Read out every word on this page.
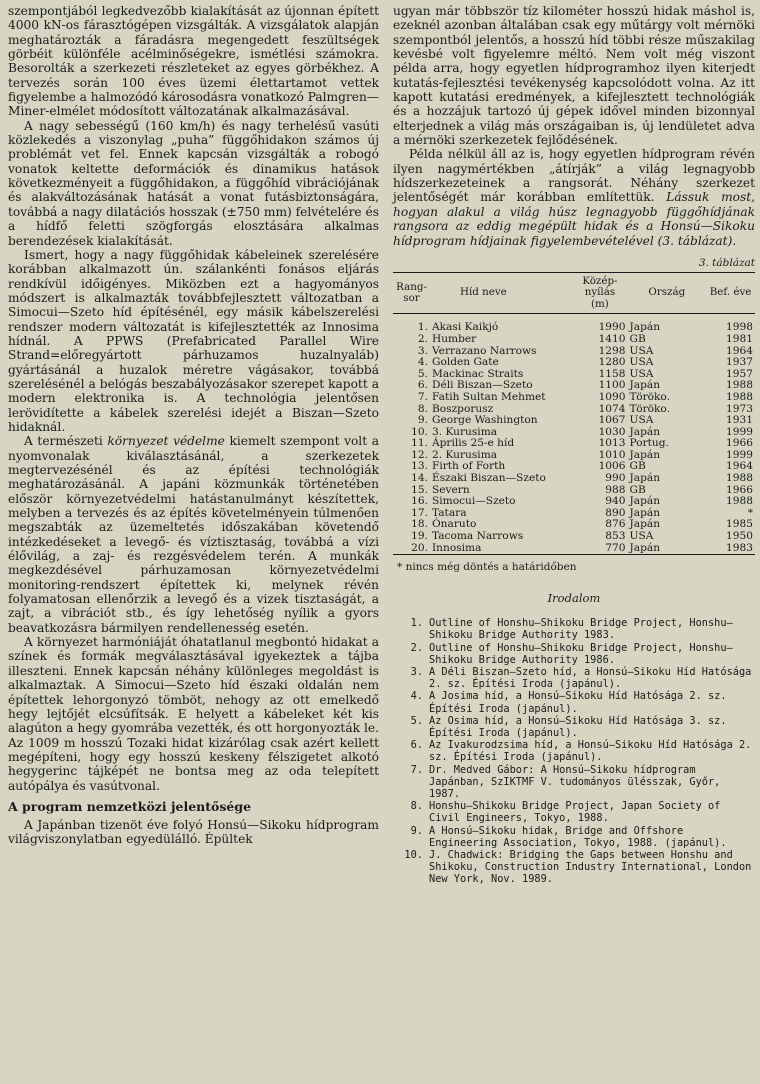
szempontjából legkedvezőbb kialakítását az újonnan épített 4000 kN-os fárasztógépen vizsgálták. A vizsgálatok alapján meghatározták a fáradásra megengedett feszültségek görbéit különféle acélminőségekre, ismétlési számokra. Besorolták a szerkezeti részleteket az egyes görbékhez. A tervezés során 100 éves üzemi élettartamot vettek figyelembe a halmozódó károsodásra vonatkozó Palmgren—Miner-elmélet módosított változatának alkalmazásával.

A nagy sebességű (160 km/h) és nagy terhelésű vasúti közlekedés a viszonylag „puha” függőhidakon számos új problémát vet fel. Ennek kapcsán vizsgálták a robogó vonatok keltette deformációk és dinamikus hatások következményeit a függőhidakon, a függőhíd vibrációjának és alakváltozásának hatását a vonat futásbiztonságára, továbbá a nagy dilatációs hosszak (±750 mm) felvételére és a hídfő feletti szögforgás elosztására alkalmas berendezések kialakítását.

Ismert, hogy a nagy függőhidak kábeleinek szerelésére korábban alkalmazott ún. szálankénti fonásos eljárás rendkívül időigényes. Miközben ezt a hagyományos módszert is alkalmazták továbbfejlesztett változatban a Simocui—Szeto híd építésénél, egy másik kábelszerelési rendszer modern változatát is kifejlesztették az Innosima hídnál. A PPWS (Prefabricated Parallel Wire Strand=előregyártott párhuzamos huzalnyaláb) gyártásánál a huzalok méretre vágásakor, továbbá szerelésénél a belógás beszabályozásakor szerepet kapott a modern elektronika is. A technológia jelentősen lerövidítette a kábelek szerelési idejét a Biszan—Szeto hidaknál.

A természeti környezet védelme kiemelt szempont volt a nyomvonalak kiválasztásánál, a szerkezetek megtervezésénél és az építési technológiák meghatározásánál. A japáni közmunkák történetében először környezetvédelmi hatástanulmányt készítettek, melyben a tervezés és az építés követelményein túlmenően megszabták az üzemeltetés időszakában követendő intézkedéseket a levegő- és víztisztaság, továbbá a vízi élővilág, a zaj- és rezgésvédelem terén. A munkák megkezdésével párhuzamosan környezetvédelmi monitoring-rendszert építettek ki, melynek révén folyamatosan ellenőrzik a levegő és a vizek tisztaságát, a zajt, a vibrációt stb., és így lehetőség nyílik a gyors beavatkozásra bármilyen rendellenesség esetén.

A környezet harmóniáját óhatatlanul megbontó hidakat a színek és formák megválasztásával igyekeztek a tájba illeszteni. Ennek kapcsán néhány különleges megoldást is alkalmaztak. A Simocui—Szeto híd északi oldalán nem építettek lehorgonyzó tömböt, nehogy az ott emelkedő hegy lejtőjét elcsúfítsák. E helyett a kábeleket két kis alagúton a hegy gyomrába vezették, és ott horgonyozták le. Az 1009 m hosszú Tozaki hidat kizárólag csak azért kellett megépíteni, hogy egy hosszú keskeny félszigetet alkotó hegygerinc tájképét ne bontsa meg az oda telepített autópálya és vasútvonal.

A program nemzetközi jelentősége

A Japánban tizenöt éve folyó Honsú—Sikoku hídprogram világviszonylatban egyedülálló. Épültek

ugyan már többször tíz kilométer hosszú hidak máshol is, ezeknél azonban általában csak egy műtárgy volt mérnöki szempontból jelentős, a hosszú híd többi része műszakilag kevésbé volt figyelemre méltó. Nem volt még viszont példa arra, hogy egyetlen hídprogramhoz ilyen kiterjedt kutatás-fejlesztési tevékenység kapcsolódott volna. Az itt kapott kutatási eredmények, a kifejlesztett technológiák és a hozzájuk tartozó új gépek idővel minden bizonnyal elterjednek a világ más országaiban is, új lendületet adva a mérnöki szerkezetek fejlődésének.

Példa nélkül áll az is, hogy egyetlen hídprogram révén ilyen nagymértékben „átírják” a világ legnagyobb hídszerkezeteinek a rangsorát. Néhány szerkezet jelentőségét már korábban említettük. Lássuk most, hogyan alakul a világ húsz legnagyobb függőhídjának rangsora az eddig megépült hidak és a Honsú—Sikoku hídprogram hídjainak figyelembevételével (3. táblázat).

3. táblázat
Rang-sor	Híd neve	Közép-nyílás (m)	Ország	Bef. éve
1.	Akasi Kaikjó	1990	Japán	1998
2.	Humber	1410	GB	1981
3.	Verrazano Narrows	1298	USA	1964
4.	Golden Gate	1280	USA	1937
5.	Mackinac Straits	1158	USA	1957
6.	Déli Biszan—Szeto	1100	Japán	1988
7.	Fatih Sultan Mehmet	1090	Törökо.	1988
8.	Boszporusz	1074	Törökо.	1973
9.	George Washington	1067	USA	1931
10.	3. Kurusima	1030	Japán	1999
11.	Április 25-e híd	1013	Portug.	1966
12.	2. Kurusima	1010	Japán	1999
13.	Firth of Forth	1006	GB	1964
14.	Északi Biszan—Szeto	990	Japán	1988
15.	Severn	988	GB	1966
16.	Simocui—Szeto	940	Japán	1988
17.	Tatara	890	Japán	*
18.	Ónaruto	876	Japán	1985
19.	Tacoma Narrows	853	USA	1950
20.	Innosima	770	Japán	1983
* nincs még döntés a határidőben
Irodalom
1. Outline of Honshu—Shikoku Bridge Project, Honshu—Shikoku Bridge Authority 1983.
2. Outline of Honshu—Shikoku Bridge Project, Honshu—Shikoku Bridge Authority 1986.
3. A Déli Biszan—Szeto híd, a Honsú—Sikoku Híd Hatósága 2. sz. Építési Iroda (japánul).
4. A Josima híd, a Honsú—Sikoku Híd Hatósága 2. sz. Építési Iroda (japánul).
5. Az Osima híd, a Honsú—Sikoku Híd Hatósága 3. sz. Építési Iroda (japánul).
6. Az Ivakurodzsima híd, a Honsú—Sikoku Híd Hatósága 2. sz. Építési Iroda (japánul).
7. Dr. Medved Gábor: A Honsú—Sikoku hídprogram Japánban, SzIKTMF V. tudományos ülésszak, Győr, 1987.
8. Honshu—Shikoku Bridge Project, Japan Society of Civil Engineers, Tokyo, 1988.
9. A Honsú—Sikoku hidak, Bridge and Offshore Engineering Association, Tokyo, 1988. (japánul).
10. J. Chadwick: Bridging the Gaps between Honshu and Shikoku, Construction Industry International, London New York, Nov. 1989.
